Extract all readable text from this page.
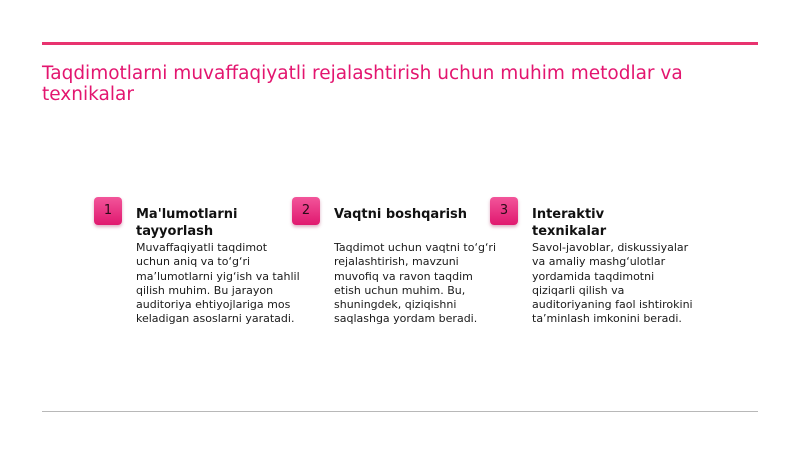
Taqdimotlarni muvaffaqiyatli rejalashtirish uchun muhim metodlar va texnikalar
1	Ma'lumotlarni tayyorlash
Muvaffaqiyatli taqdimot uchun aniq va to‘g‘ri ma’lumotlarni yig‘ish va tahlil qilish muhim. Bu jarayon auditoriya ehtiyojlariga mos keladigan asoslarni yaratadi.
2	Vaqtni boshqarish
Taqdimot uchun vaqtni to‘g‘ri rejalashtirish, mavzuni muvofiq va ravon taqdim etish uchun muhim. Bu, shuningdek, qiziqishni saqlashga yordam beradi.
3	Interaktiv texnikalar
Savol-javoblar, diskussiyalar va amaliy mashg‘ulotlar yordamida taqdimotni qiziqarli qilish va auditoriyaning faol ishtirokini ta’minlash imkonini beradi.
